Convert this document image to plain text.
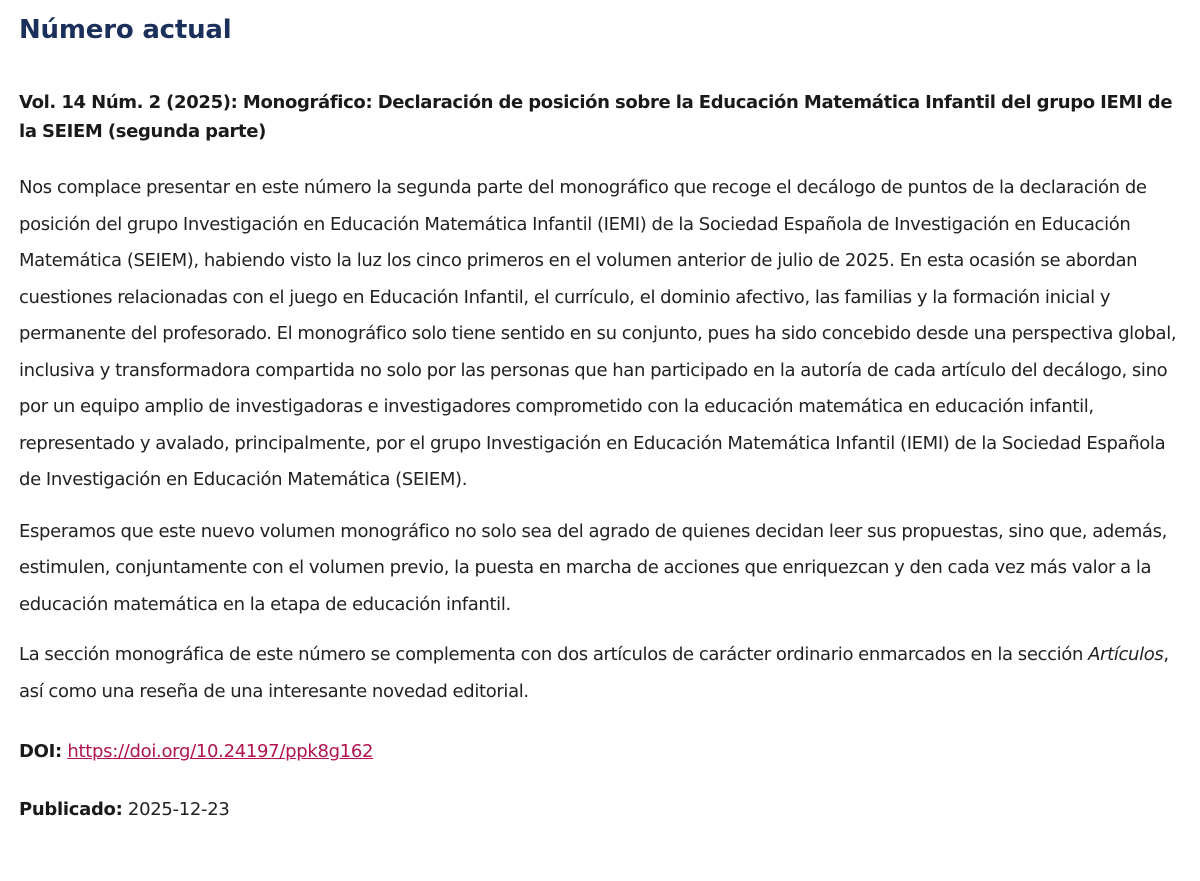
Número actual
Vol. 14 Núm. 2 (2025): Monográfico: Declaración de posición sobre la Educación Matemática Infantil del grupo IEMI de la SEIEM (segunda parte)

Nos complace presentar en este número la segunda parte del monográfico que recoge el decálogo de puntos de la declaración de posición del grupo Investigación en Educación Matemática Infantil (IEMI) de la Sociedad Española de Investigación en Educación Matemática (SEIEM), habiendo visto la luz los cinco primeros en el volumen anterior de julio de 2025. En esta ocasión se abordan cuestiones relacionadas con el juego en Educación Infantil, el currículo, el dominio afectivo, las familias y la formación inicial y permanente del profesorado. El monográfico solo tiene sentido en su conjunto, pues ha sido concebido desde una perspectiva global, inclusiva y transformadora compartida no solo por las personas que han participado en la autoría de cada artículo del decálogo, sino por un equipo amplio de investigadoras e investigadores comprometido con la educación matemática en educación infantil, representado y avalado, principalmente, por el grupo Investigación en Educación Matemática Infantil (IEMI) de la Sociedad Española de Investigación en Educación Matemática (SEIEM).

Esperamos que este nuevo volumen monográfico no solo sea del agrado de quienes decidan leer sus propuestas, sino que, además, estimulen, conjuntamente con el volumen previo, la puesta en marcha de acciones que enriquezcan y den cada vez más valor a la educación matemática en la etapa de educación infantil.

La sección monográfica de este número se complementa con dos artículos de carácter ordinario enmarcados en la sección Artículos, así como una reseña de una interesante novedad editorial.

DOI: https://doi.org/10.24197/ppk8g162
Publicado: 2025-12-23
